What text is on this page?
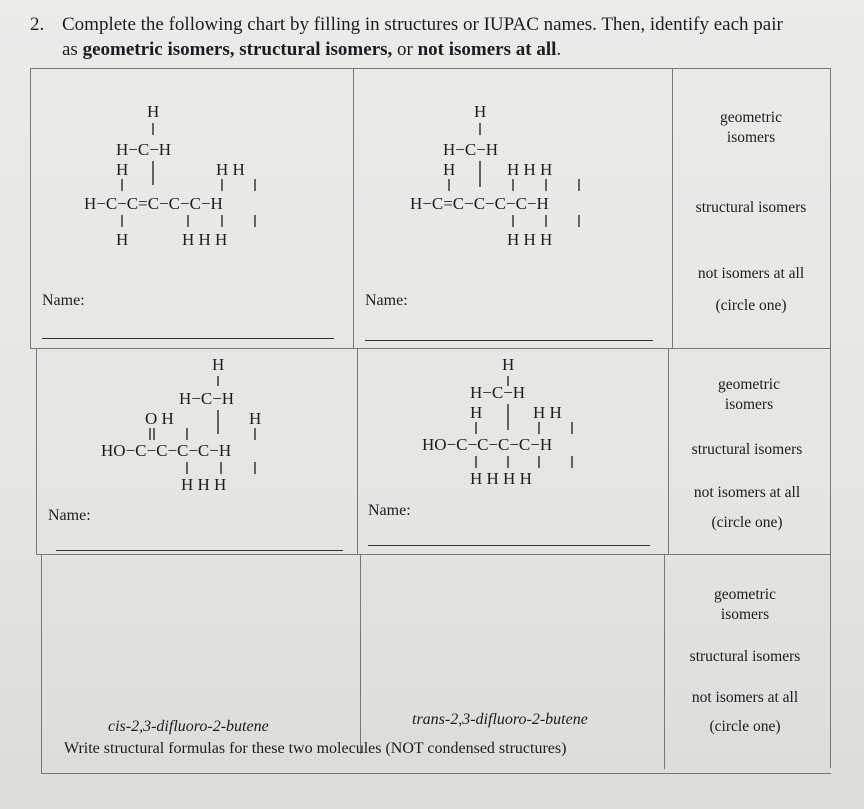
2. Complete the following chart by filling in structures or IUPAC names. Then, identify each pair
as geometric isomers, structural isomers, or not isomers at all.
H
H−C−H
H	H H
H−C−C=C−C−C−H
H	H H H
Name:
H
H−C−H
H	H H H
H−C=C−C−C−C−H
H H H
Name:
geometric
isomers
structural isomers
not isomers at all
(circle one)
H
H−C−H
O H	H
HO−C−C−C−C−H
H H H
Name:
H
H−C−H
H	H H
HO−C−C−C−C−H
H H H H
Name:
geometric
isomers
structural isomers
not isomers at all
(circle one)
cis-2,3-difluoro-2-butene	trans-2,3-difluoro-2-butene
Write structural formulas for these two molecules (NOT condensed structures)
geometric
isomers
structural isomers
not isomers at all
(circle one)
